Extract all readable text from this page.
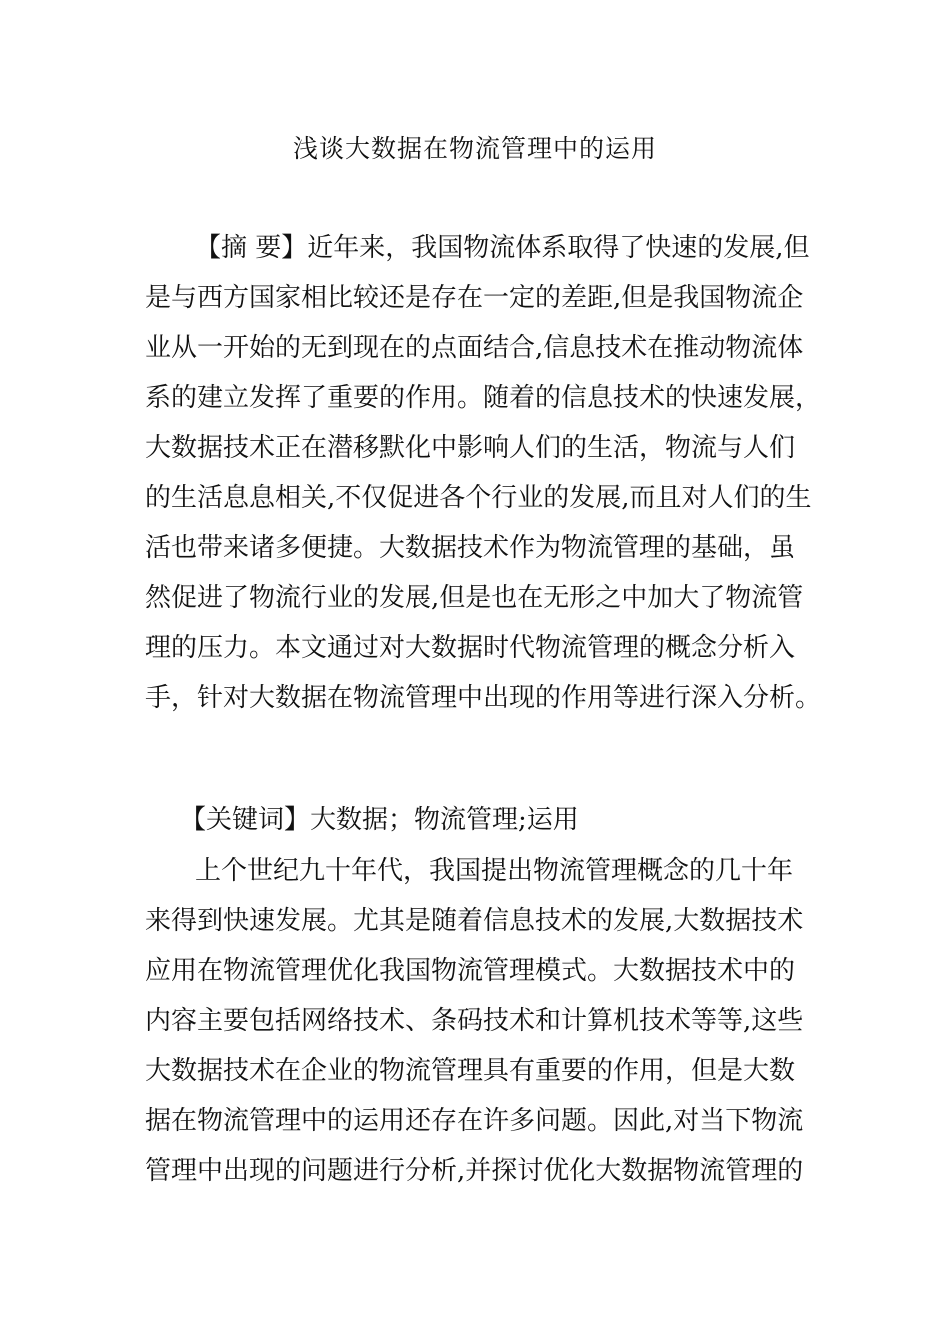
浅谈大数据在物流管理中的运用

【摘 要】近年来，我国物流体系取得了快速的发展,但

是与西方国家相比较还是存在一定的差距,但是我国物流企

业从一开始的无到现在的点面结合,信息技术在推动物流体

系的建立发挥了重要的作用。随着的信息技术的快速发展，

大数据技术正在潜移默化中影响人们的生活，物流与人们

的生活息息相关,不仅促进各个行业的发展,而且对人们的生

活也带来诸多便捷。大数据技术作为物流管理的基础，虽

然促进了物流行业的发展,但是也在无形之中加大了物流管

理的压力。本文通过对大数据时代物流管理的概念分析入

手，针对大数据在物流管理中出现的作用等进行深入分析。

【关键词】大数据；物流管理;运用

上个世纪九十年代，我国提出物流管理概念的几十年

来得到快速发展。尤其是随着信息技术的发展,大数据技术

应用在物流管理优化我国物流管理模式。大数据技术中的

内容主要包括网络技术、条码技术和计算机技术等等,这些

大数据技术在企业的物流管理具有重要的作用，但是大数

据在物流管理中的运用还存在许多问题。因此,对当下物流

管理中出现的问题进行分析,并探讨优化大数据物流管理的
